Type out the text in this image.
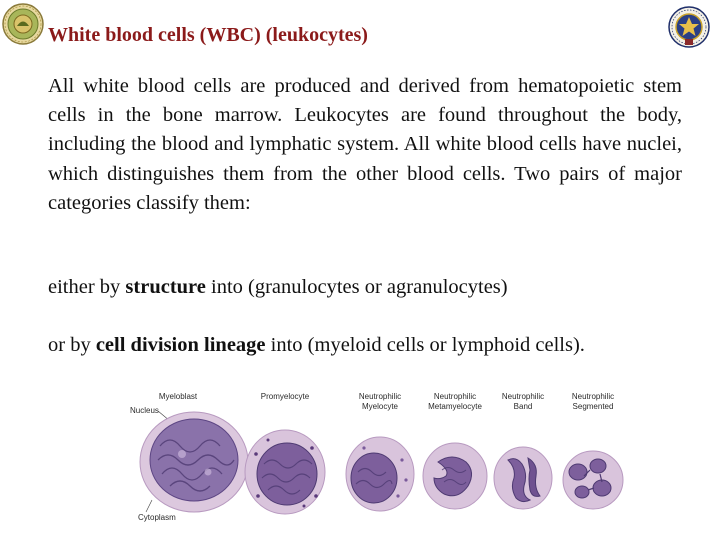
White blood cells (WBC) (leukocytes)
All white blood cells are produced and derived from hematopoietic stem cells in the bone marrow. Leukocytes are found throughout the body, including the blood and lymphatic system. All white blood cells have nuclei, which distinguishes them from the other blood cells. Two pairs of major categories classify them:
either by structure into (granulocytes or agranulocytes)
or by cell division lineage into (myeloid cells or lymphoid cells).
Myeloblast	Promyelocyte	Neutrophilic
Myelocyte
Neutrophilic
Metamyelocyte
Neutrophilic
Band
Neutrophilic
Segmented
Nucleus
Cytoplasm
